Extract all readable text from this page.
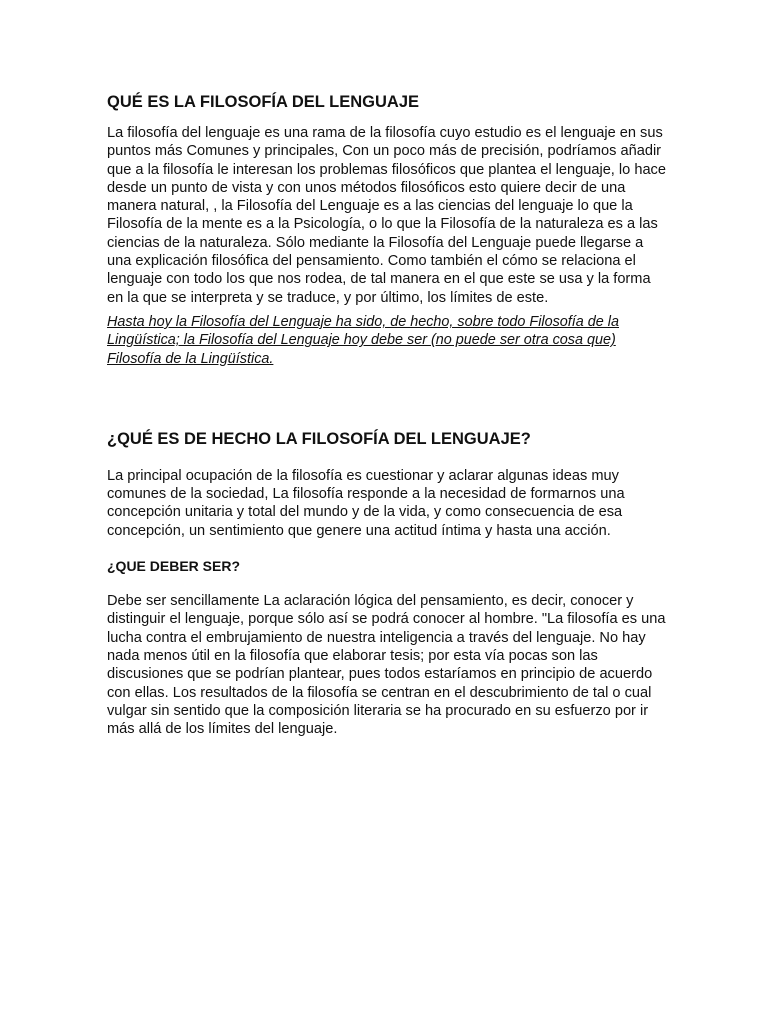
QUÉ ES LA FILOSOFÍA DEL LENGUAJE

La filosofía del lenguaje es una rama de la filosofía cuyo estudio es el lenguaje en sus puntos más Comunes y principales, Con un poco más de precisión, podríamos añadir que a la filosofía le interesan los problemas filosóficos que plantea el lenguaje, lo hace desde un punto de vista y con unos métodos filosóficos esto quiere decir de una manera natural, , la Filosofía del Lenguaje es a las ciencias del lenguaje lo que la Filosofía de la mente es a la Psicología, o lo que la Filosofía de la naturaleza es a las ciencias de la naturaleza. Sólo mediante la Filosofía del Lenguaje puede llegarse a una explicación filosófica del pensamiento. Como también el cómo se relaciona el lenguaje con todo los que nos rodea, de tal manera en el que este se usa y la forma en la que se interpreta y se traduce, y por último, los límites de este.

Hasta hoy la Filosofía del Lenguaje ha sido, de hecho, sobre todo Filosofía de la Lingüística; la Filosofía del Lenguaje hoy debe ser (no puede ser otra cosa que) Filosofía de la Lingüística.

¿QUÉ ES DE HECHO LA FILOSOFÍA DEL LENGUAJE?

La principal ocupación de la filosofía es cuestionar y aclarar algunas ideas muy comunes de la sociedad, La filosofía responde a la necesidad de formarnos una concepción unitaria y total del mundo y de la vida, y como consecuencia de esa concepción, un sentimiento que genere una actitud íntima y hasta una acción.

¿QUE DEBER SER?

Debe ser sencillamente La aclaración lógica del pensamiento, es decir, conocer y distinguir el lenguaje, porque sólo así se podrá conocer al hombre. "La filosofía es una lucha contra el embrujamiento de nuestra inteligencia a través del lenguaje. No hay nada menos útil en la filosofía que elaborar tesis; por esta vía pocas son las discusiones que se podrían plantear, pues todos estaríamos en principio de acuerdo con ellas. Los resultados de la filosofía se centran en el descubrimiento de tal o cual vulgar sin sentido que la composición literaria se ha procurado en su esfuerzo por ir más allá de los límites del lenguaje.
